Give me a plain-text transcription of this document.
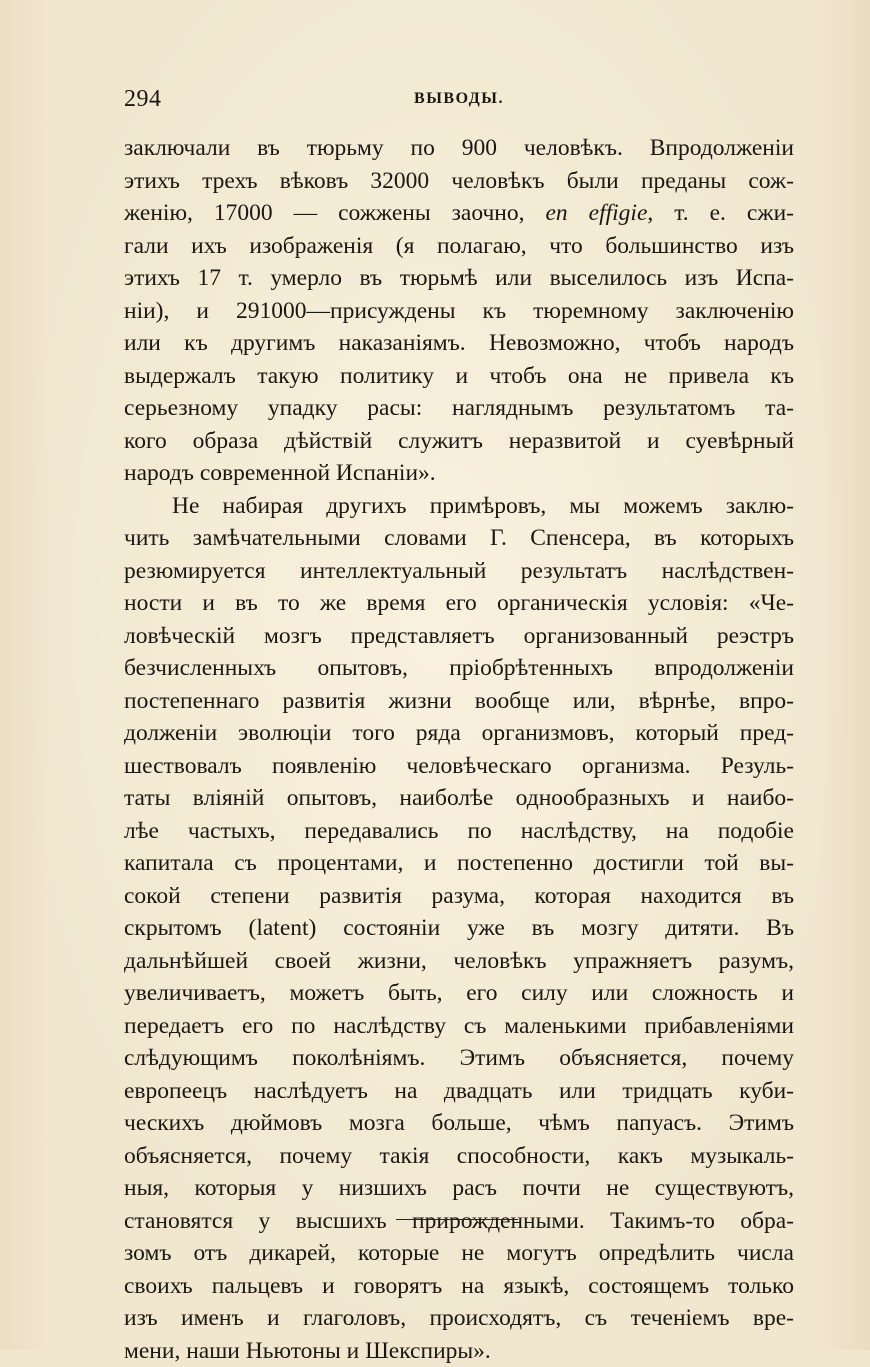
294	ВЫВОДЫ.
заключали въ тюрьму по 900 человѣкъ. Впродолженіи
этихъ трехъ вѣковъ 32000 человѣкъ были преданы сож-
женію, 17000 — сожжены заочно, en effigie, т. е. сжи-
гали ихъ изображенія (я полагаю, что большинство изъ
этихъ 17 т. умерло въ тюрьмѣ или выселилось изъ Испа-
ніи), и 291000—присуждены къ тюремному заключенію
или къ другимъ наказаніямъ. Невозможно, чтобъ народъ
выдержалъ такую политику и чтобъ она не привела къ
серьезному упадку расы: нагляднымъ результатомъ та-
кого образа дѣйствій служитъ неразвитой и суевѣрный
народъ современной Испаніи».
Не набирая другихъ примѣровъ, мы можемъ заклю-
чить замѣчательными словами Г. Спенсера, въ которыхъ
резюмируется интеллектуальный результатъ наслѣдствен-
ности и въ то же время его органическія условія: «Че-
ловѣческій мозгъ представляетъ организованный реэстръ
безчисленныхъ опытовъ, пріобрѣтенныхъ впродолженіи
постепеннаго развитія жизни вообще или, вѣрнѣе, впро-
долженіи эволюціи того ряда организмовъ, который пред-
шествовалъ появленію человѣческаго организма. Резуль-
таты вліяній опытовъ, наиболѣе однообразныхъ и наибо-
лѣе частыхъ, передавались по наслѣдству, на подобіе
капитала съ процентами, и постепенно достигли той вы-
сокой степени развитія разума, которая находится въ
скрытомъ (latent) состояніи уже въ мозгу дитяти. Въ
дальнѣйшей своей жизни, человѣкъ упражняетъ разумъ,
увеличиваетъ, можетъ быть, его силу или сложность и
передаетъ его по наслѣдству съ маленькими прибавленіями
слѣдующимъ поколѣніямъ. Этимъ объясняется, почему
европеецъ наслѣдуетъ на двадцать или тридцать куби-
ческихъ дюймовъ мозга больше, чѣмъ папуасъ. Этимъ
объясняется, почему такія способности, какъ музыкаль-
ныя, которыя у низшихъ расъ почти не существуютъ,
становятся у высшихъ прирожденными. Такимъ-то обра-
зомъ отъ дикарей, которые не могутъ опредѣлить числа
своихъ пальцевъ и говорятъ на языкѣ, состоящемъ только
изъ именъ и глаголовъ, происходятъ, съ теченіемъ вре-
мени, наши Ньютоны и Шекспиры».
